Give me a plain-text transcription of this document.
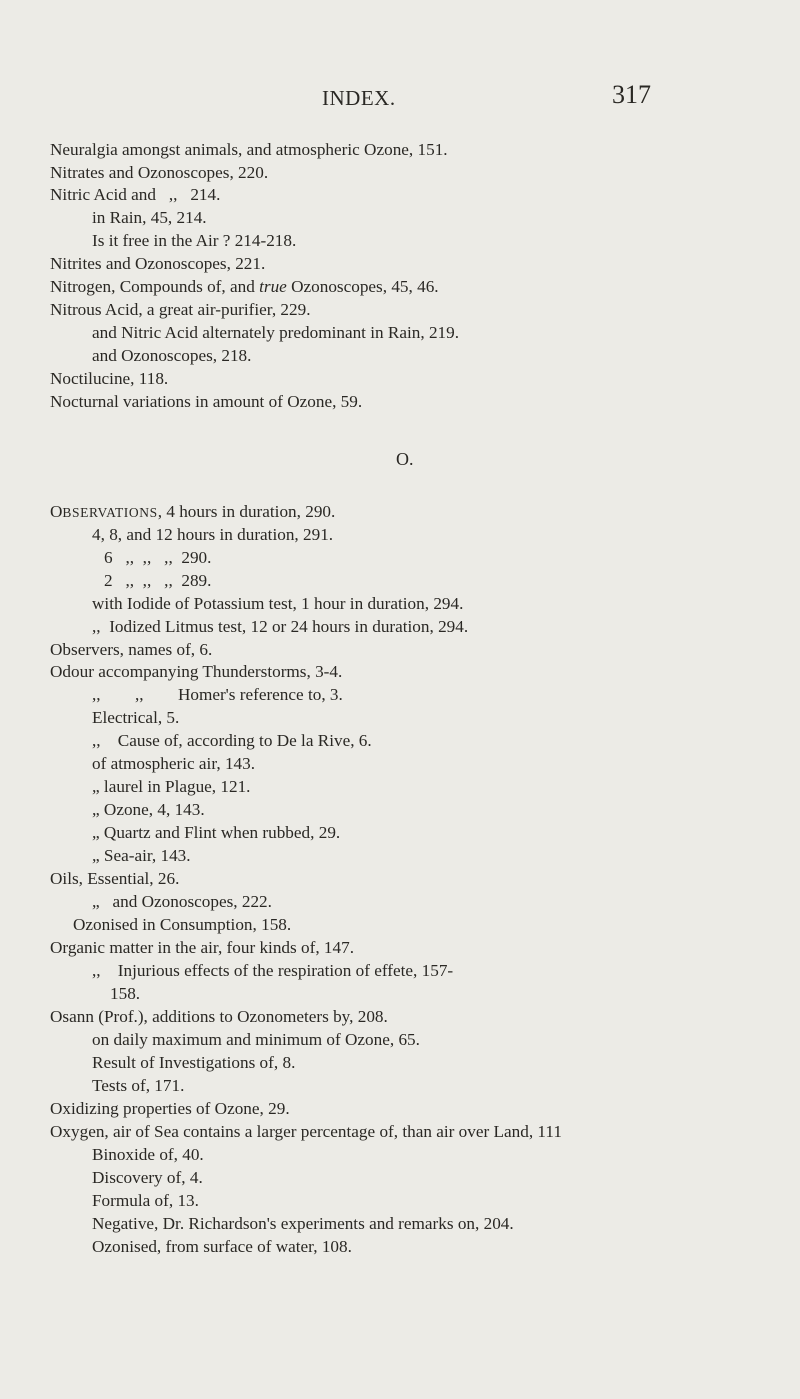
INDEX.	317
Neuralgia amongst animals, and atmospheric Ozone, 151.
Nitrates and Ozonoscopes, 220.
Nitric Acid and   ,,   214.
in Rain, 45, 214.
Is it free in the Air ? 214-218.
Nitrites and Ozonoscopes, 221.
Nitrogen, Compounds of, and true Ozonoscopes, 45, 46.
Nitrous Acid, a great air-purifier, 229.
and Nitric Acid alternately predominant in Rain, 219.
and Ozonoscopes, 218.
Noctilucine, 118.
Nocturnal variations in amount of Ozone, 59.
O.
OBSERVATIONS, 4 hours in duration, 290.
4, 8, and 12 hours in duration, 291.
6   ,,  ,,   ,,  290.
2   ,,  ,,   ,,  289.
with Iodide of Potassium test, 1 hour in duration, 294.
,,  Iodized Litmus test, 12 or 24 hours in duration, 294.
Observers, names of, 6.
Odour accompanying Thunderstorms, 3-4.
,,        ,,        Homer's reference to, 3.
Electrical, 5.
,,    Cause of, according to De la Rive, 6.
of atmospheric air, 143.
„ laurel in Plague, 121.
„ Ozone, 4, 143.
„ Quartz and Flint when rubbed, 29.
„ Sea-air, 143.
Oils, Essential, 26.
„   and Ozonoscopes, 222.
Ozonised in Consumption, 158.
Organic matter in the air, four kinds of, 147.
,,    Injurious effects of the respiration of effete, 157-
158.
Osann (Prof.), additions to Ozonometers by, 208.
on daily maximum and minimum of Ozone, 65.
Result of Investigations of, 8.
Tests of, 171.
Oxidizing properties of Ozone, 29.
Oxygen, air of Sea contains a larger percentage of, than air over Land, 111
Binoxide of, 40.
Discovery of, 4.
Formula of, 13.
Negative, Dr. Richardson's experiments and remarks on, 204.
Ozonised, from surface of water, 108.
